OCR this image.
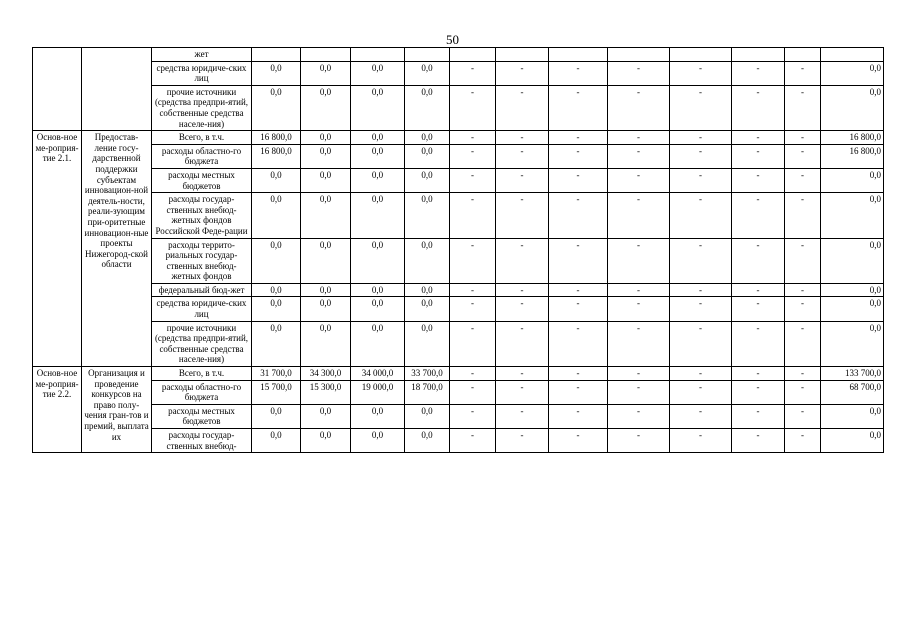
50
		жет												
		средства юридиче-ских лиц	0,0	0,0	0,0	0,0	-	-	-	-	-	-	-	0,0
		прочие источники (средства предпри-ятий, собственные средства населе-ния)	0,0	0,0	0,0	0,0	-	-	-	-	-	-	-	0,0
Основ-ное ме-роприя-тие 2.1.	Предостав-ление госу-дарственной поддержки субъектам инновацион-ной деятель-ности, реали-зующим при-оритетные инновацион-ные проекты Нижегород-ской области	Всего, в т.ч.	16 800,0	0,0	0,0	0,0	-	-	-	-	-	-	-	16 800,0
		расходы областно-го бюджета	16 800,0	0,0	0,0	0,0	-	-	-	-	-	-	-	16 800,0
		расходы местных бюджетов	0,0	0,0	0,0	0,0	-	-	-	-	-	-	-	0,0
		расходы государ-ственных внебюд-жетных фондов Российской Феде-рации	0,0	0,0	0,0	0,0	-	-	-	-	-	-	-	0,0
		расходы террито-риальных государ-ственных внебюд-жетных фондов	0,0	0,0	0,0	0,0	-	-	-	-	-	-	-	0,0
		федеральный бюд-жет	0,0	0,0	0,0	0,0	-	-	-	-	-	-	-	0,0
		средства юридиче-ских лиц	0,0	0,0	0,0	0,0	-	-	-	-	-	-	-	0,0
		прочие источники (средства предпри-ятий, собственные средства населе-ния)	0,0	0,0	0,0	0,0	-	-	-	-	-	-	-	0,0
Основ-ное ме-роприя-тие 2.2.	Организация и проведение конкурсов на право полу-чения гран-тов и премий, выплата их	Всего, в т.ч.	31 700,0	34 300,0	34 000,0	33 700,0	-	-	-	-	-	-	-	133 700,0
		расходы областно-го бюджета	15 700,0	15 300,0	19 000,0	18 700,0	-	-	-	-	-	-	-	68 700,0
		расходы местных бюджетов	0,0	0,0	0,0	0,0	-	-	-	-	-	-	-	0,0
		расходы государ-ственных внебюд-	0,0	0,0	0,0	0,0	-	-	-	-	-	-	-	0,0
